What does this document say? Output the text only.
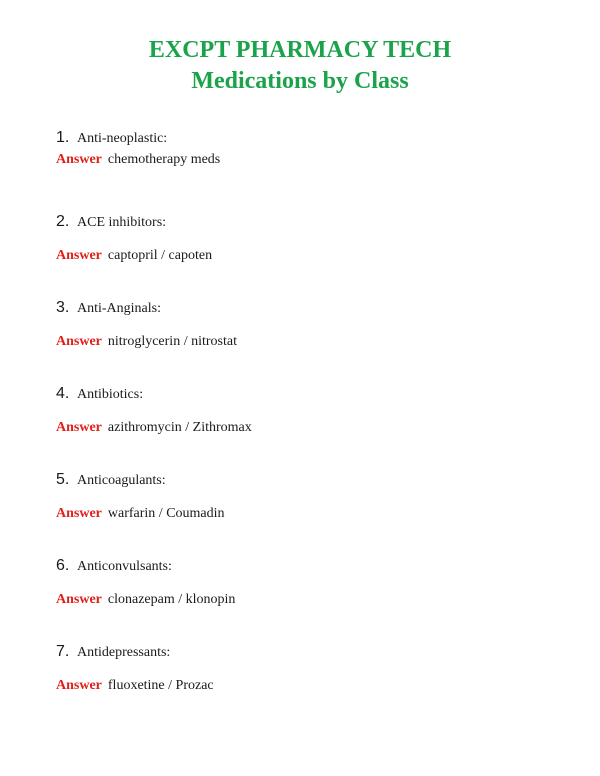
EXCPT PHARMACY TECH
Medications by Class
1. Anti-neoplastic:
Answer chemotherapy meds
2. ACE inhibitors:
Answer captopril / capoten
3. Anti-Anginals:
Answer nitroglycerin / nitrostat
4. Antibiotics:
Answer azithromycin / Zithromax
5. Anticoagulants:
Answer warfarin / Coumadin
6. Anticonvulsants:
Answer clonazepam / klonopin
7. Antidepressants:
Answer fluoxetine / Prozac
